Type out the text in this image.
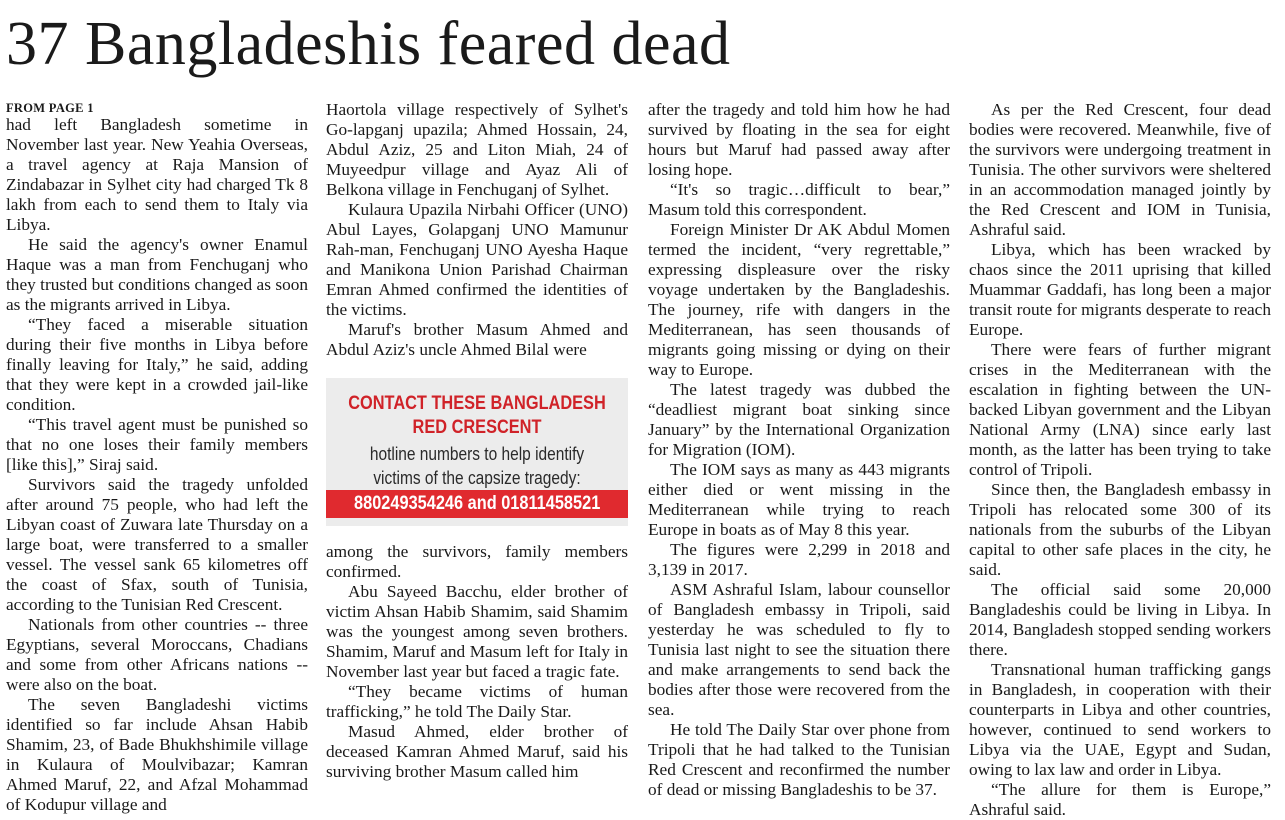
37 Bangladeshis feared dead
FROM PAGE 1

had left Bangladesh sometime in November last year. New Yeahia Overseas, a travel agency at Raja Mansion of Zindabazar in Sylhet city had charged Tk 8 lakh from each to send them to Italy via Libya.

He said the agency's owner Enamul Haque was a man from Fenchuganj who they trusted but conditions changed as soon as the migrants arrived in Libya.

“They faced a miserable situation during their five months in Libya before finally leaving for Italy,” he said, adding that they were kept in a crowded jail-like condition.

“This travel agent must be punished so that no one loses their family members [like this],” Siraj said.

Survivors said the tragedy unfolded after around 75 people, who had left the Libyan coast of Zuwara late Thursday on a large boat, were transferred to a smaller vessel. The vessel sank 65 kilometres off the coast of Sfax, south of Tunisia, according to the Tunisian Red Crescent.

Nationals from other countries -- three Egyptians, several Moroccans, Chadians and some from other Africans nations -- were also on the boat.

The seven Bangladeshi victims identified so far include Ahsan Habib Shamim, 23, of Bade Bhukhshimile village in Kulaura of Moulvibazar; Kamran Ahmed Maruf, 22, and Afzal Mohammad of Kodupur village and

Haortola village respectively of Sylhet's Go-lapganj upazila; Ahmed Hossain, 24, Abdul Aziz, 25 and Liton Miah, 24 of Muyeedpur village and Ayaz Ali of Belkona village in Fenchuganj of Sylhet.

Kulaura Upazila Nirbahi Officer (UNO) Abul Layes, Golapganj UNO Mamunur Rah-man, Fenchuganj UNO Ayesha Haque and Manikona Union Parishad Chairman Emran Ahmed confirmed the identities of the victims.

Maruf's brother Masum Ahmed and Abdul Aziz's uncle Ahmed Bilal were

CONTACT THESE BANGLADESH
RED CRESCENT
hotline numbers to help identify
victims of the capsize tragedy:
880249354246 and 01811458521

among the survivors, family members confirmed.

Abu Sayeed Bacchu, elder brother of victim Ahsan Habib Shamim, said Shamim was the youngest among seven brothers. Shamim, Maruf and Masum left for Italy in November last year but faced a tragic fate.

“They became victims of human trafficking,” he told The Daily Star.

Masud Ahmed, elder brother of deceased Kamran Ahmed Maruf, said his surviving brother Masum called him

after the tragedy and told him how he had survived by floating in the sea for eight hours but Maruf had passed away after losing hope.

“It's so tragic…difficult to bear,” Masum told this correspondent.

Foreign Minister Dr AK Abdul Momen termed the incident, “very regrettable,” expressing displeasure over the risky voyage undertaken by the Bangladeshis. The journey, rife with dangers in the Mediterranean, has seen thousands of migrants going missing or dying on their way to Europe.

The latest tragedy was dubbed the “deadliest migrant boat sinking since January” by the International Organization for Migration (IOM).

The IOM says as many as 443 migrants either died or went missing in the Mediterranean while trying to reach Europe in boats as of May 8 this year.

The figures were 2,299 in 2018 and 3,139 in 2017.

ASM Ashraful Islam, labour counsellor of Bangladesh embassy in Tripoli, said yesterday he was scheduled to fly to Tunisia last night to see the situation there and make arrangements to send back the bodies after those were recovered from the sea.

He told The Daily Star over phone from Tripoli that he had talked to the Tunisian Red Crescent and reconfirmed the number of dead or missing Bangladeshis to be 37.

As per the Red Crescent, four dead bodies were recovered. Meanwhile, five of the survivors were undergoing treatment in Tunisia. The other survivors were sheltered in an accommodation managed jointly by the Red Crescent and IOM in Tunisia, Ashraful said.

Libya, which has been wracked by chaos since the 2011 uprising that killed Muammar Gaddafi, has long been a major transit route for migrants desperate to reach Europe.

There were fears of further migrant crises in the Mediterranean with the escalation in fighting between the UN-backed Libyan government and the Libyan National Army (LNA) since early last month, as the latter has been trying to take control of Tripoli.

Since then, the Bangladesh embassy in Tripoli has relocated some 300 of its nationals from the suburbs of the Libyan capital to other safe places in the city, he said.

The official said some 20,000 Bangladeshis could be living in Libya. In 2014, Bangladesh stopped sending workers there.

Transnational human trafficking gangs in Bangladesh, in cooperation with their counterparts in Libya and other countries, however, continued to send workers to Libya via the UAE, Egypt and Sudan, owing to lax law and order in Libya.

“The allure for them is Europe,” Ashraful said.
